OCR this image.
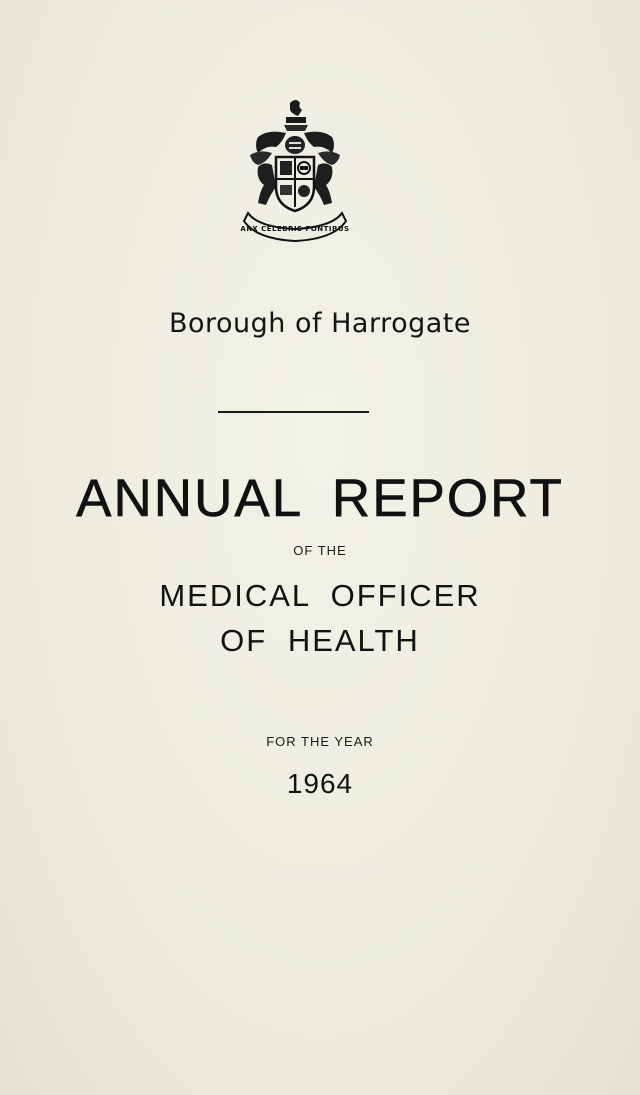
ARX CELEBRIS FONTIBUS
Borough of Harrogate
ANNUAL REPORT
OF THE
MEDICAL OFFICER
OF HEALTH
FOR THE YEAR
1964
